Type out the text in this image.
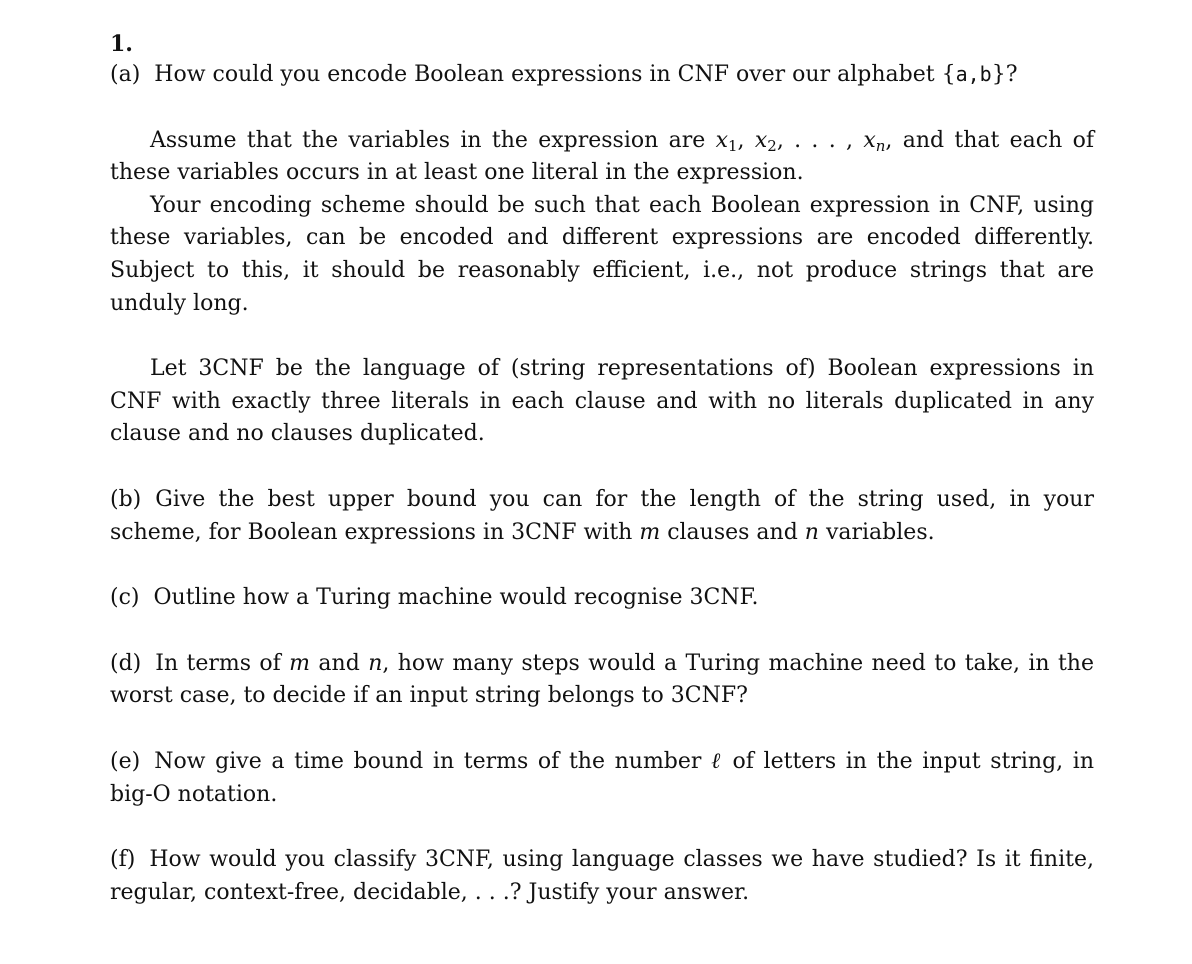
1.

(a) How could you encode Boolean expressions in CNF over our alphabet {a,b}?

Assume that the variables in the expression are $x_1$, $x_2$, . . . , $x_n$, and that each of these variables occurs in at least one literal in the expression.

Your encoding scheme should be such that each Boolean expression in CNF, using these variables, can be encoded and different expressions are encoded differently. Subject to this, it should be reasonably efficient, i.e., not produce strings that are unduly long.

Let 3CNF be the language of (string representations of) Boolean expressions in CNF with exactly three literals in each clause and with no literals duplicated in any clause and no clauses duplicated.

(b) Give the best upper bound you can for the length of the string used, in your scheme, for Boolean expressions in 3CNF with m clauses and n variables.

(c) Outline how a Turing machine would recognise 3CNF.

(d) In terms of m and n, how many steps would a Turing machine need to take, in the worst case, to decide if an input string belongs to 3CNF?

(e) Now give a time bound in terms of the number ℓ of letters in the input string, in big-O notation.

(f) How would you classify 3CNF, using language classes we have studied? Is it finite, regular, context-free, decidable, . . .? Justify your answer.
